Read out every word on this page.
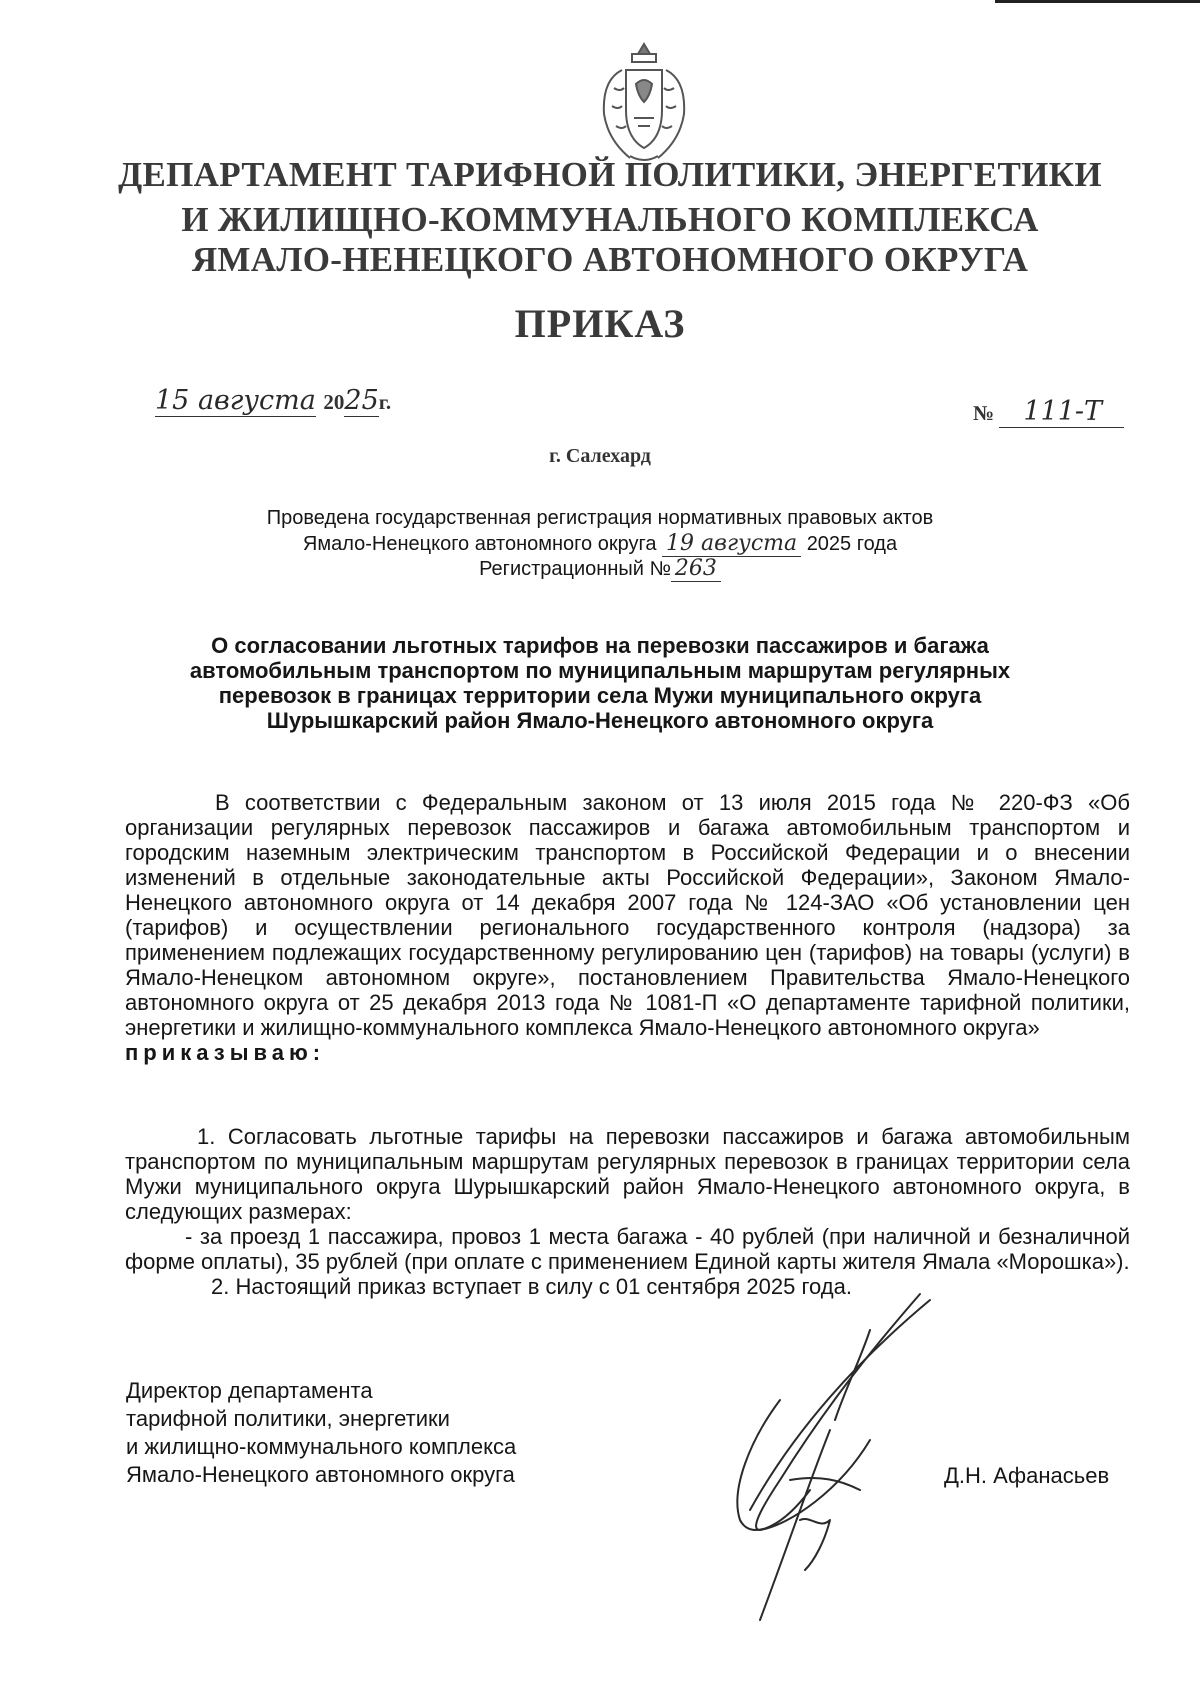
ДЕПАРТАМЕНТ ТАРИФНОЙ ПОЛИТИКИ, ЭНЕРГЕТИКИ
И ЖИЛИЩНО-КОММУНАЛЬНОГО КОМПЛЕКСА
ЯМАЛО-НЕНЕЦКОГО АВТОНОМНОГО ОКРУГА
ПРИКАЗ
15 августа 2025г.	№ 111-Т
г. Салехард
Проведена государственная регистрация нормативных правовых актов
Ямало-Ненецкого автономного округа 19 августа 2025 года
Регистрационный № 263
О согласовании льготных тарифов на перевозки пассажиров и багажа
автомобильным транспортом по муниципальным маршрутам регулярных
перевозок в границах территории села Мужи муниципального округа
Шурышкарский район Ямало-Ненецкого автономного округа

В соответствии с Федеральным законом от 13 июля 2015 года № 220-ФЗ «Об организации регулярных перевозок пассажиров и багажа автомобильным транспортом и городским наземным электрическим транспортом в Российской Федерации и о внесении изменений в отдельные законодательные акты Российской Федерации», Законом Ямало-Ненецкого автономного округа от 14 декабря 2007 года № 124-ЗАО «Об установлении цен (тарифов) и осуществлении регионального государственного контроля (надзора) за применением подлежащих государственному регулированию цен (тарифов) на товары (услуги) в Ямало-Ненецком автономном округе», постановлением Правительства Ямало-Ненецкого автономного округа от 25 декабря 2013 года № 1081-П «О департаменте тарифной политики, энергетики и жилищно-коммунального комплекса Ямало-Ненецкого автономного округа»

приказываю:

1. Согласовать льготные тарифы на перевозки пассажиров и багажа автомобильным транспортом по муниципальным маршрутам регулярных перевозок в границах территории села Мужи муниципального округа Шурышкарский район Ямало-Ненецкого автономного округа, в следующих размерах:

- за проезд 1 пассажира, провоз 1 места багажа - 40 рублей (при наличной и безналичной форме оплаты), 35 рублей (при оплате с применением Единой карты жителя Ямала «Морошка»).

2. Настоящий приказ вступает в силу с 01 сентября 2025 года.

Директор департамента
тарифной политики, энергетики
и жилищно-коммунального комплекса
Ямало-Ненецкого автономного округа	Д.Н. Афанасьев
